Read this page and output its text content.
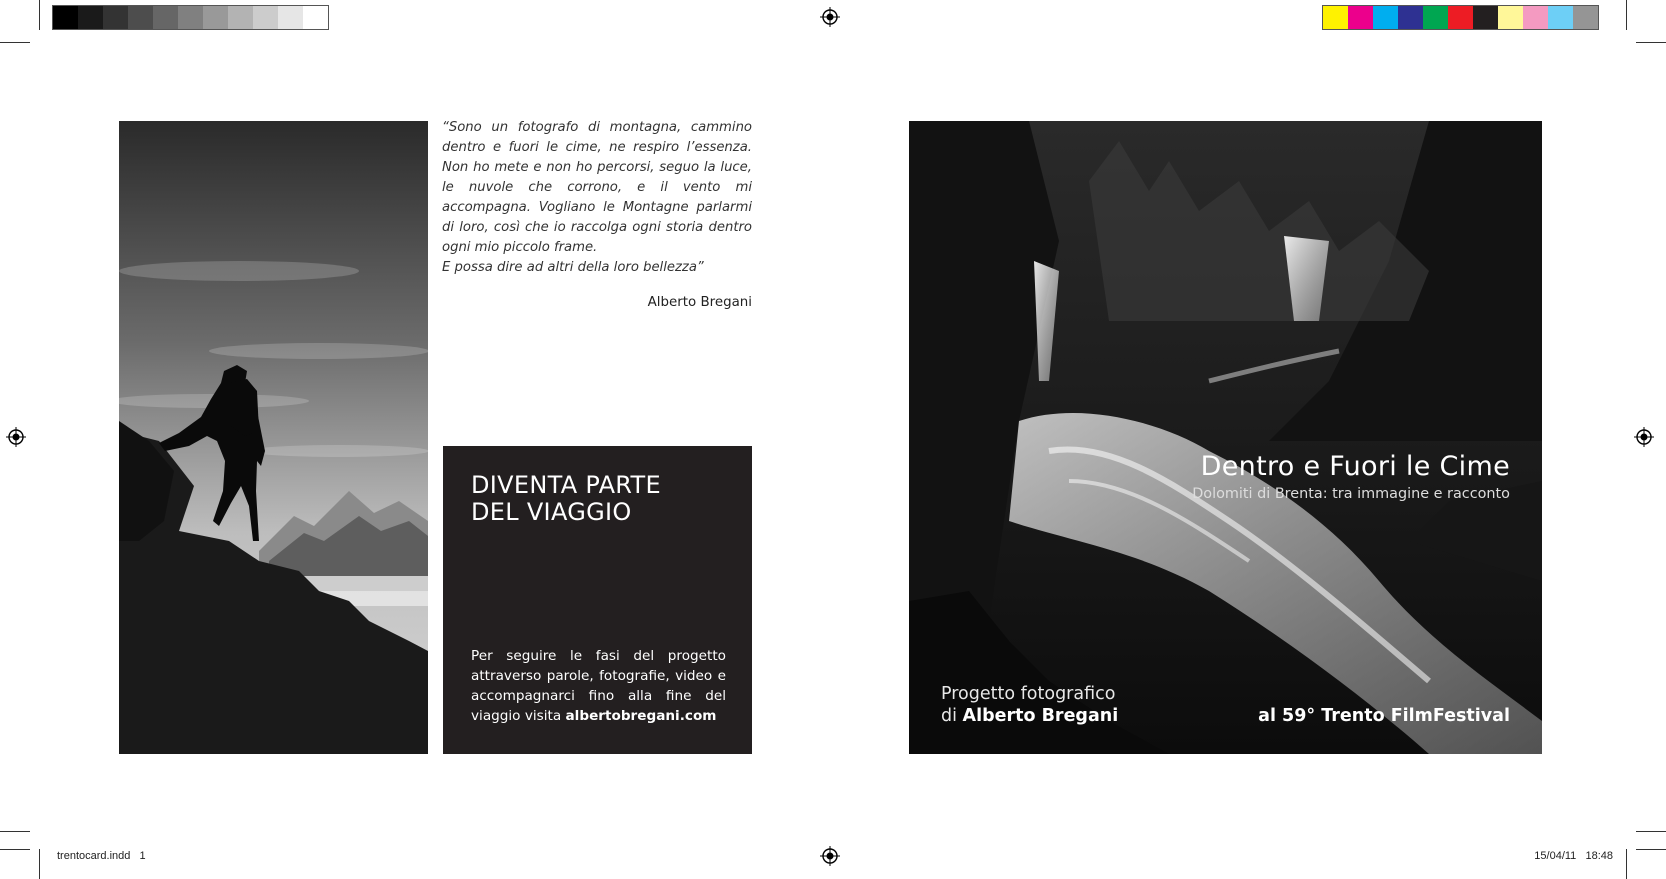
“Sono un fotografo di montagna, cammino dentro e fuori le cime, ne respiro l’essenza. Non ho mete e non ho percorsi, seguo la luce, le nuvole che corrono, e il vento mi accompagna. Vogliano le Montagne parlarmi di loro, così che io raccolga ogni storia dentro ogni mio piccolo frame.

E possa dire ad altri della loro bellezza”

Alberto Bregani
DIVENTA PARTE
DEL VIAGGIO
Per seguire le fasi del progetto attraverso parole, fotografie, video e accompagnarci fino alla fine del viaggio visita albertobregani.com
Dentro e Fuori le Cime
Dolomiti di Brenta: tra immagine e racconto
Progetto fotografico
di Alberto Bregani	al 59° Trento FilmFestival
trentocard.indd   1	15/04/11   18:48
